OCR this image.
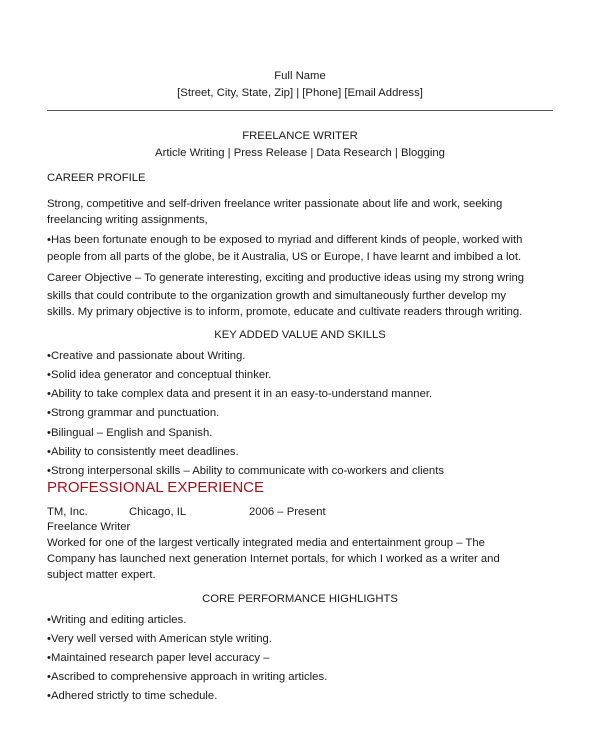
Full Name
[Street, City, State, Zip] | [Phone] [Email Address]
FREELANCE WRITER
Article Writing | Press Release | Data Research | Blogging
CAREER PROFILE
Strong, competitive and self-driven freelance writer passionate about life and work, seeking
freelancing writing assignments,
•Has been fortunate enough to be exposed to myriad and different kinds of people, worked with
people from all parts of the globe, be it Australia, US or Europe, I have learnt and imbibed a lot.
Career Objective – To generate interesting, exciting and productive ideas using my strong wring
skills that could contribute to the organization growth and simultaneously further develop my
skills. My primary objective is to inform, promote, educate and cultivate readers through writing.
KEY ADDED VALUE AND SKILLS
•Creative and passionate about Writing.
•Solid idea generator and conceptual thinker.
•Ability to take complex data and present it in an easy-to-understand manner.
•Strong grammar and punctuation.
•Bilingual – English and Spanish.
•Ability to consistently meet deadlines.
•Strong interpersonal skills – Ability to communicate with co-workers and clients
PROFESSIONAL EXPERIENCE
TM, Inc.	Chicago, IL	2006 – Present
Freelance Writer
Worked for one of the largest vertically integrated media and entertainment group – The
Company has launched next generation Internet portals, for which I worked as a writer and
subject matter expert.
CORE PERFORMANCE HIGHLIGHTS
•Writing and editing articles.
•Very well versed with American style writing.
•Maintained research paper level accuracy –
•Ascribed to comprehensive approach in writing articles.
•Adhered strictly to time schedule.
